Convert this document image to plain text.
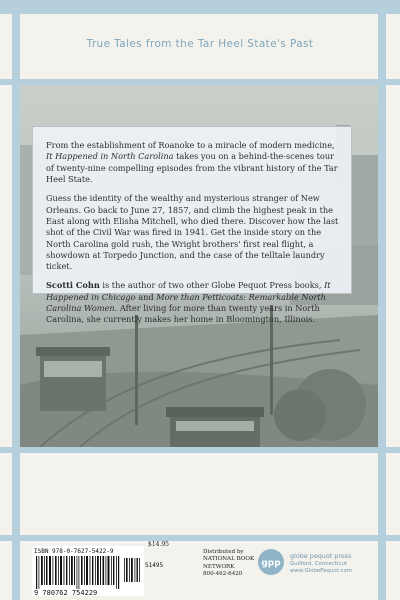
True Tales from the Tar Heel State's Past

From the establishment of Roanoke to a miracle of modern medicine, It Happened in North Carolina takes you on a behind-the-scenes tour of twenty-nine compelling episodes from the vibrant history of the Tar Heel State.

Guess the identity of the wealthy and mysterious stranger of New Orleans. Go back to June 27, 1857, and climb the highest peak in the East along with Elisha Mitchell, who died there. Discover how the last shot of the Civil War was fired in 1941. Get the inside story on the North Carolina gold rush, the Wright brothers' first real flight, a showdown at Torpedo Junction, and the case of the telltale laundry ticket.

Scotti Cohn is the author of two other Globe Pequot Press books, It Happened in Chicago and More than Petticoats: Remarkable North Carolina Women. After living for more than twenty years in North Carolina, she currently makes her home in Bloomington, Illinois.

Cover design by Georgiana Goodwin
Front cover photo: Kill Devil Hills Lifesaving Station, with four crew members wearing white hats and jackets standing in doorway, and a boat near outer wall at right; Kitty Hawk, North Carolina, 1902, Library of Congress
Back cover photo: Looking east over Pack Square, Asheville, North Carolina, 1910, Library of Congress
9 780762 754229
ISBN 978-0-7627-5422-9
$14.95
51495
Distributed by
NATIONAL BOOK
NETWORK
800-462-6420
gpp
globe pequot press
Guilford, Connecticut
www.GlobePequot.com
